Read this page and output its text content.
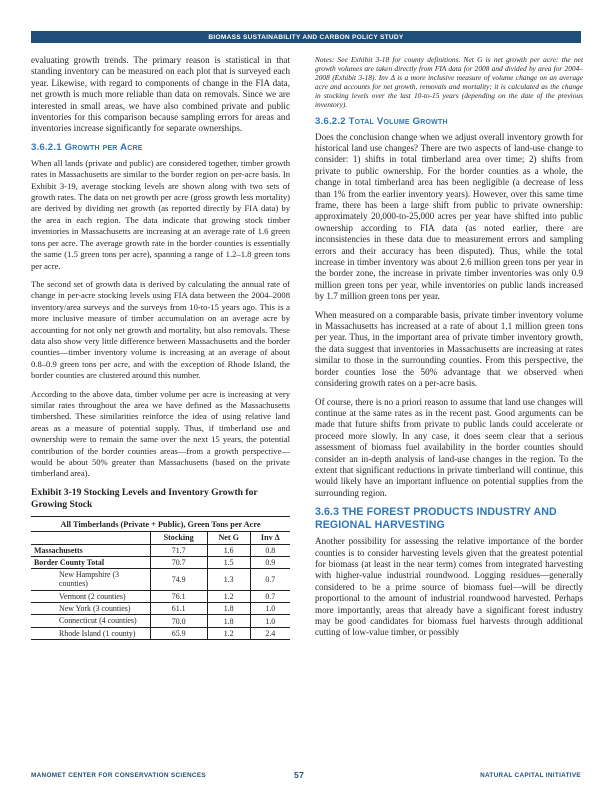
BIOMASS SUSTAINABILITY AND CARBON POLICY STUDY

evaluating growth trends. The primary reason is statistical in that standing inventory can be measured on each plot that is surveyed each year. Likewise, with regard to components of change in the FIA data, net growth is much more reliable than data on removals. Since we are interested in small areas, we have also combined private and public inventories for this comparison because sampling errors for areas and inventories increase significantly for separate ownerships.

3.6.2.1 Growth per Acre

When all lands (private and public) are considered together, timber growth rates in Massachusetts are similar to the border region on per-acre basis. In Exhibit 3-19, average stocking levels are shown along with two sets of growth rates. The data on net growth per acre (gross growth less mortality) are derived by dividing net growth (as reported directly by FIA data) by the area in each region. The data indicate that growing stock timber inventories in Massachusetts are increasing at an average rate of 1.6 green tons per acre. The average growth rate in the border counties is essentially the same (1.5 green tons per acre), spanning a range of 1.2–1.8 green tons per acre.

The second set of growth data is derived by calculating the annual rate of change in per-acre stocking levels using FIA data between the 2004–2008 inventory/area surveys and the surveys from 10-to-15 years ago. This is a more inclusive measure of timber accumulation on an average acre by accounting for not only net growth and mortality, but also removals. These data also show very little difference between Massachusetts and the border counties—timber inventory volume is increasing at an average of about 0.8–0.9 green tons per acre, and with the exception of Rhode Island, the border counties are clustered around this number.

According to the above data, timber volume per acre is increasing at very similar rates throughout the area we have defined as the Massachusetts timbershed. These similarities reinforce the idea of using relative land areas as a measure of potential supply. Thus, if timberland use and ownership were to remain the same over the next 15 years, the potential contribution of the border counties areas—from a growth perspective—would be about 50% greater than Massachusetts (based on the private timberland area).

Exhibit 3-19 Stocking Levels and Inventory Growth for Growing Stock
All Timberlands (Private + Public), Green Tons per Acre			
	Stocking	Net G	Inv Δ
Massachusetts	71.7	1.6	0.8
Border County Total	70.7	1.5	0.9
New Hampshire (3 counties)	74.9	1.3	0.7
Vermont (2 counties)	76.1	1.2	0.7
New York (3 counties)	61.1	1.8	1.0
Connecticut (4 counties)	70.0	1.8	1.0
Rhode Island (1 county)	65.9	1.2	2.4

Notes: See Exhibit 3-18 for county definitions. Net G is net growth per acre: the net growth volumes are taken directly from FIA data for 2008 and divided by area for 2004–2008 (Exhibit 3-18). Inv Δ is a more inclusive measure of volume change on an average acre and accounts for net growth, removals and mortality; it is calculated as the change in stocking levels over the last 10-to-15 years (depending on the date of the previous inventory).

3.6.2.2 Total Volume Growth

Does the conclusion change when we adjust overall inventory growth for historical land use changes? There are two aspects of land-use change to consider: 1) shifts in total timberland area over time; 2) shifts from private to public ownership. For the border counties as a whole, the change in total timberland area has been negligible (a decrease of less than 1% from the earlier inventory years). However, over this same time frame, there has been a large shift from public to private ownership: approximately 20,000-to-25,000 acres per year have shifted into public ownership according to FIA data (as noted earlier, there are inconsistencies in these data due to measurement errors and sampling errors and their accuracy has been disputed). Thus, while the total increase in timber inventory was about 2.6 million green tons per year in the border zone, the increase in private timber inventories was only 0.9 million green tons per year, while inventories on public lands increased by 1.7 million green tons per year.

When measured on a comparable basis, private timber inventory volume in Massachusetts has increased at a rate of about 1.1 million green tons per year. Thus, in the important area of private timber inventory growth, the data suggest that inventories in Massachusetts are increasing at rates similar to those in the surrounding counties. From this perspective, the border counties lose the 50% advantage that we observed when considering growth rates on a per-acre basis.

Of course, there is no a priori reason to assume that land use changes will continue at the same rates as in the recent past. Good arguments can be made that future shifts from private to public lands could accelerate or proceed more slowly. In any case, it does seem clear that a serious assessment of biomass fuel availability in the border counties should consider an in-depth analysis of land-use changes in the region. To the extent that significant reductions in private timberland will continue, this would likely have an important influence on potential supplies from the surrounding region.

3.6.3 THE FOREST PRODUCTS INDUSTRY AND REGIONAL HARVESTING

Another possibility for assessing the relative importance of the border counties is to consider harvesting levels given that the greatest potential for biomass (at least in the near term) comes from integrated harvesting with higher-value industrial roundwood. Logging residues—generally considered to be a prime source of biomass fuel—will be directly proportional to the amount of industrial roundwood harvested. Perhaps more importantly, areas that already have a significant forest industry may be good candidates for biomass fuel harvests through additional cutting of low-value timber, or possibly

MANOMET CENTER FOR CONSERVATION SCIENCES	57	NATURAL CAPITAL INITIATIVE
